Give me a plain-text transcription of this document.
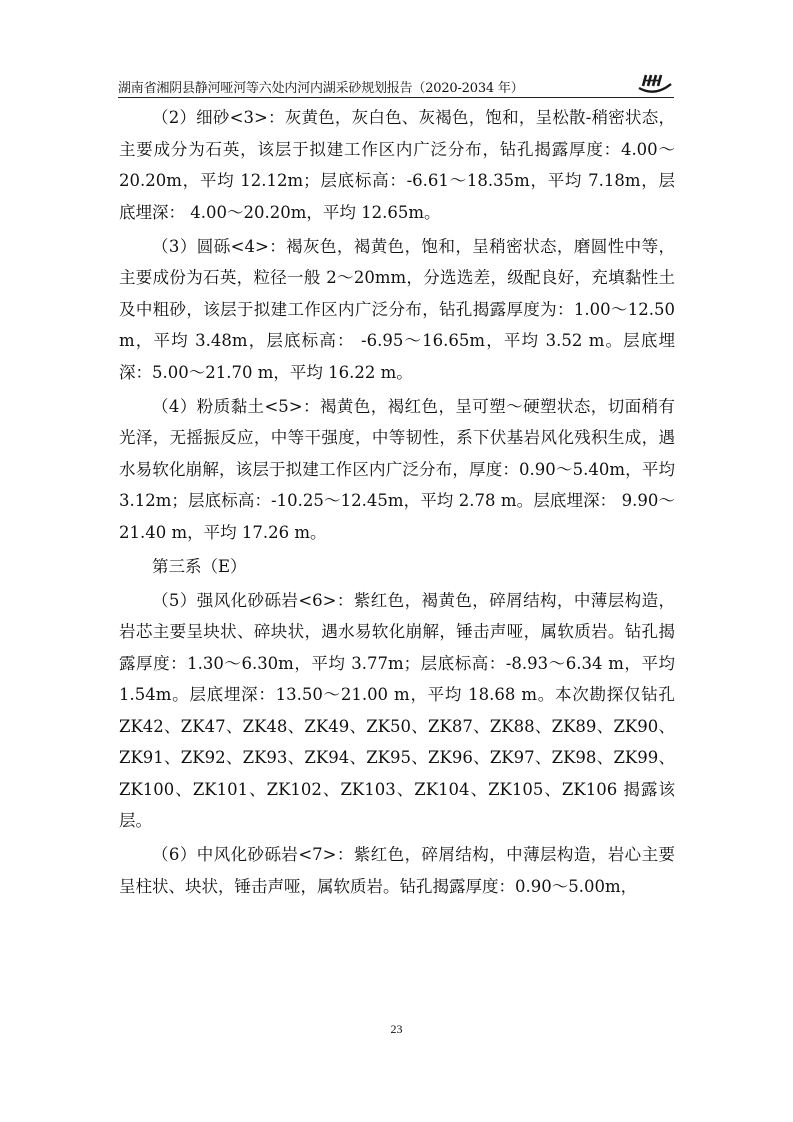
湖南省湘阴县静河哑河等六处内河内湖采砂规划报告（2020-2034 年）

（2）细砂<3>：灰黄色，灰白色、灰褐色，饱和，呈松散-稍密状态，主要成分为石英，该层于拟建工作区内广泛分布，钻孔揭露厚度：4.00～20.20m，平均 12.12m；层底标高：-6.61～18.35m，平均 7.18m，层底埋深： 4.00～20.20m，平均 12.65m。

（3）圆砾<4>：褐灰色，褐黄色，饱和，呈稍密状态，磨圆性中等，主要成份为石英，粒径一般 2～20mm，分选选差，级配良好，充填黏性土及中粗砂，该层于拟建工作区内广泛分布，钻孔揭露厚度为：1.00～12.50 m，平均 3.48m，层底标高： -6.95～16.65m，平均 3.52 m。层底埋深：5.00～21.70 m，平均 16.22 m。

（4）粉质黏土<5>：褐黄色，褐红色，呈可塑～硬塑状态，切面稍有光泽，无摇振反应，中等干强度，中等韧性，系下伏基岩风化残积生成，遇水易软化崩解，该层于拟建工作区内广泛分布，厚度：0.90～5.40m，平均 3.12m；层底标高：-10.25～12.45m，平均 2.78 m。层底埋深： 9.90～21.40 m，平均 17.26 m。

第三系（E）

（5）强风化砂砾岩<6>：紫红色，褐黄色，碎屑结构，中薄层构造，岩芯主要呈块状、碎块状，遇水易软化崩解，锤击声哑，属软质岩。钻孔揭露厚度：1.30～6.30m，平均 3.77m；层底标高：-8.93～6.34 m，平均 1.54m。层底埋深：13.50～21.00 m，平均 18.68 m。本次勘探仅钻孔 ZK42、ZK47、ZK48、ZK49、ZK50、ZK87、ZK88、ZK89、ZK90、ZK91、ZK92、ZK93、ZK94、ZK95、ZK96、ZK97、ZK98、ZK99、ZK100、ZK101、ZK102、ZK103、ZK104、ZK105、ZK106 揭露该层。

（6）中风化砂砾岩<7>：紫红色，碎屑结构，中薄层构造，岩心主要呈柱状、块状，锤击声哑，属软质岩。钻孔揭露厚度：0.90～5.00m，

23
